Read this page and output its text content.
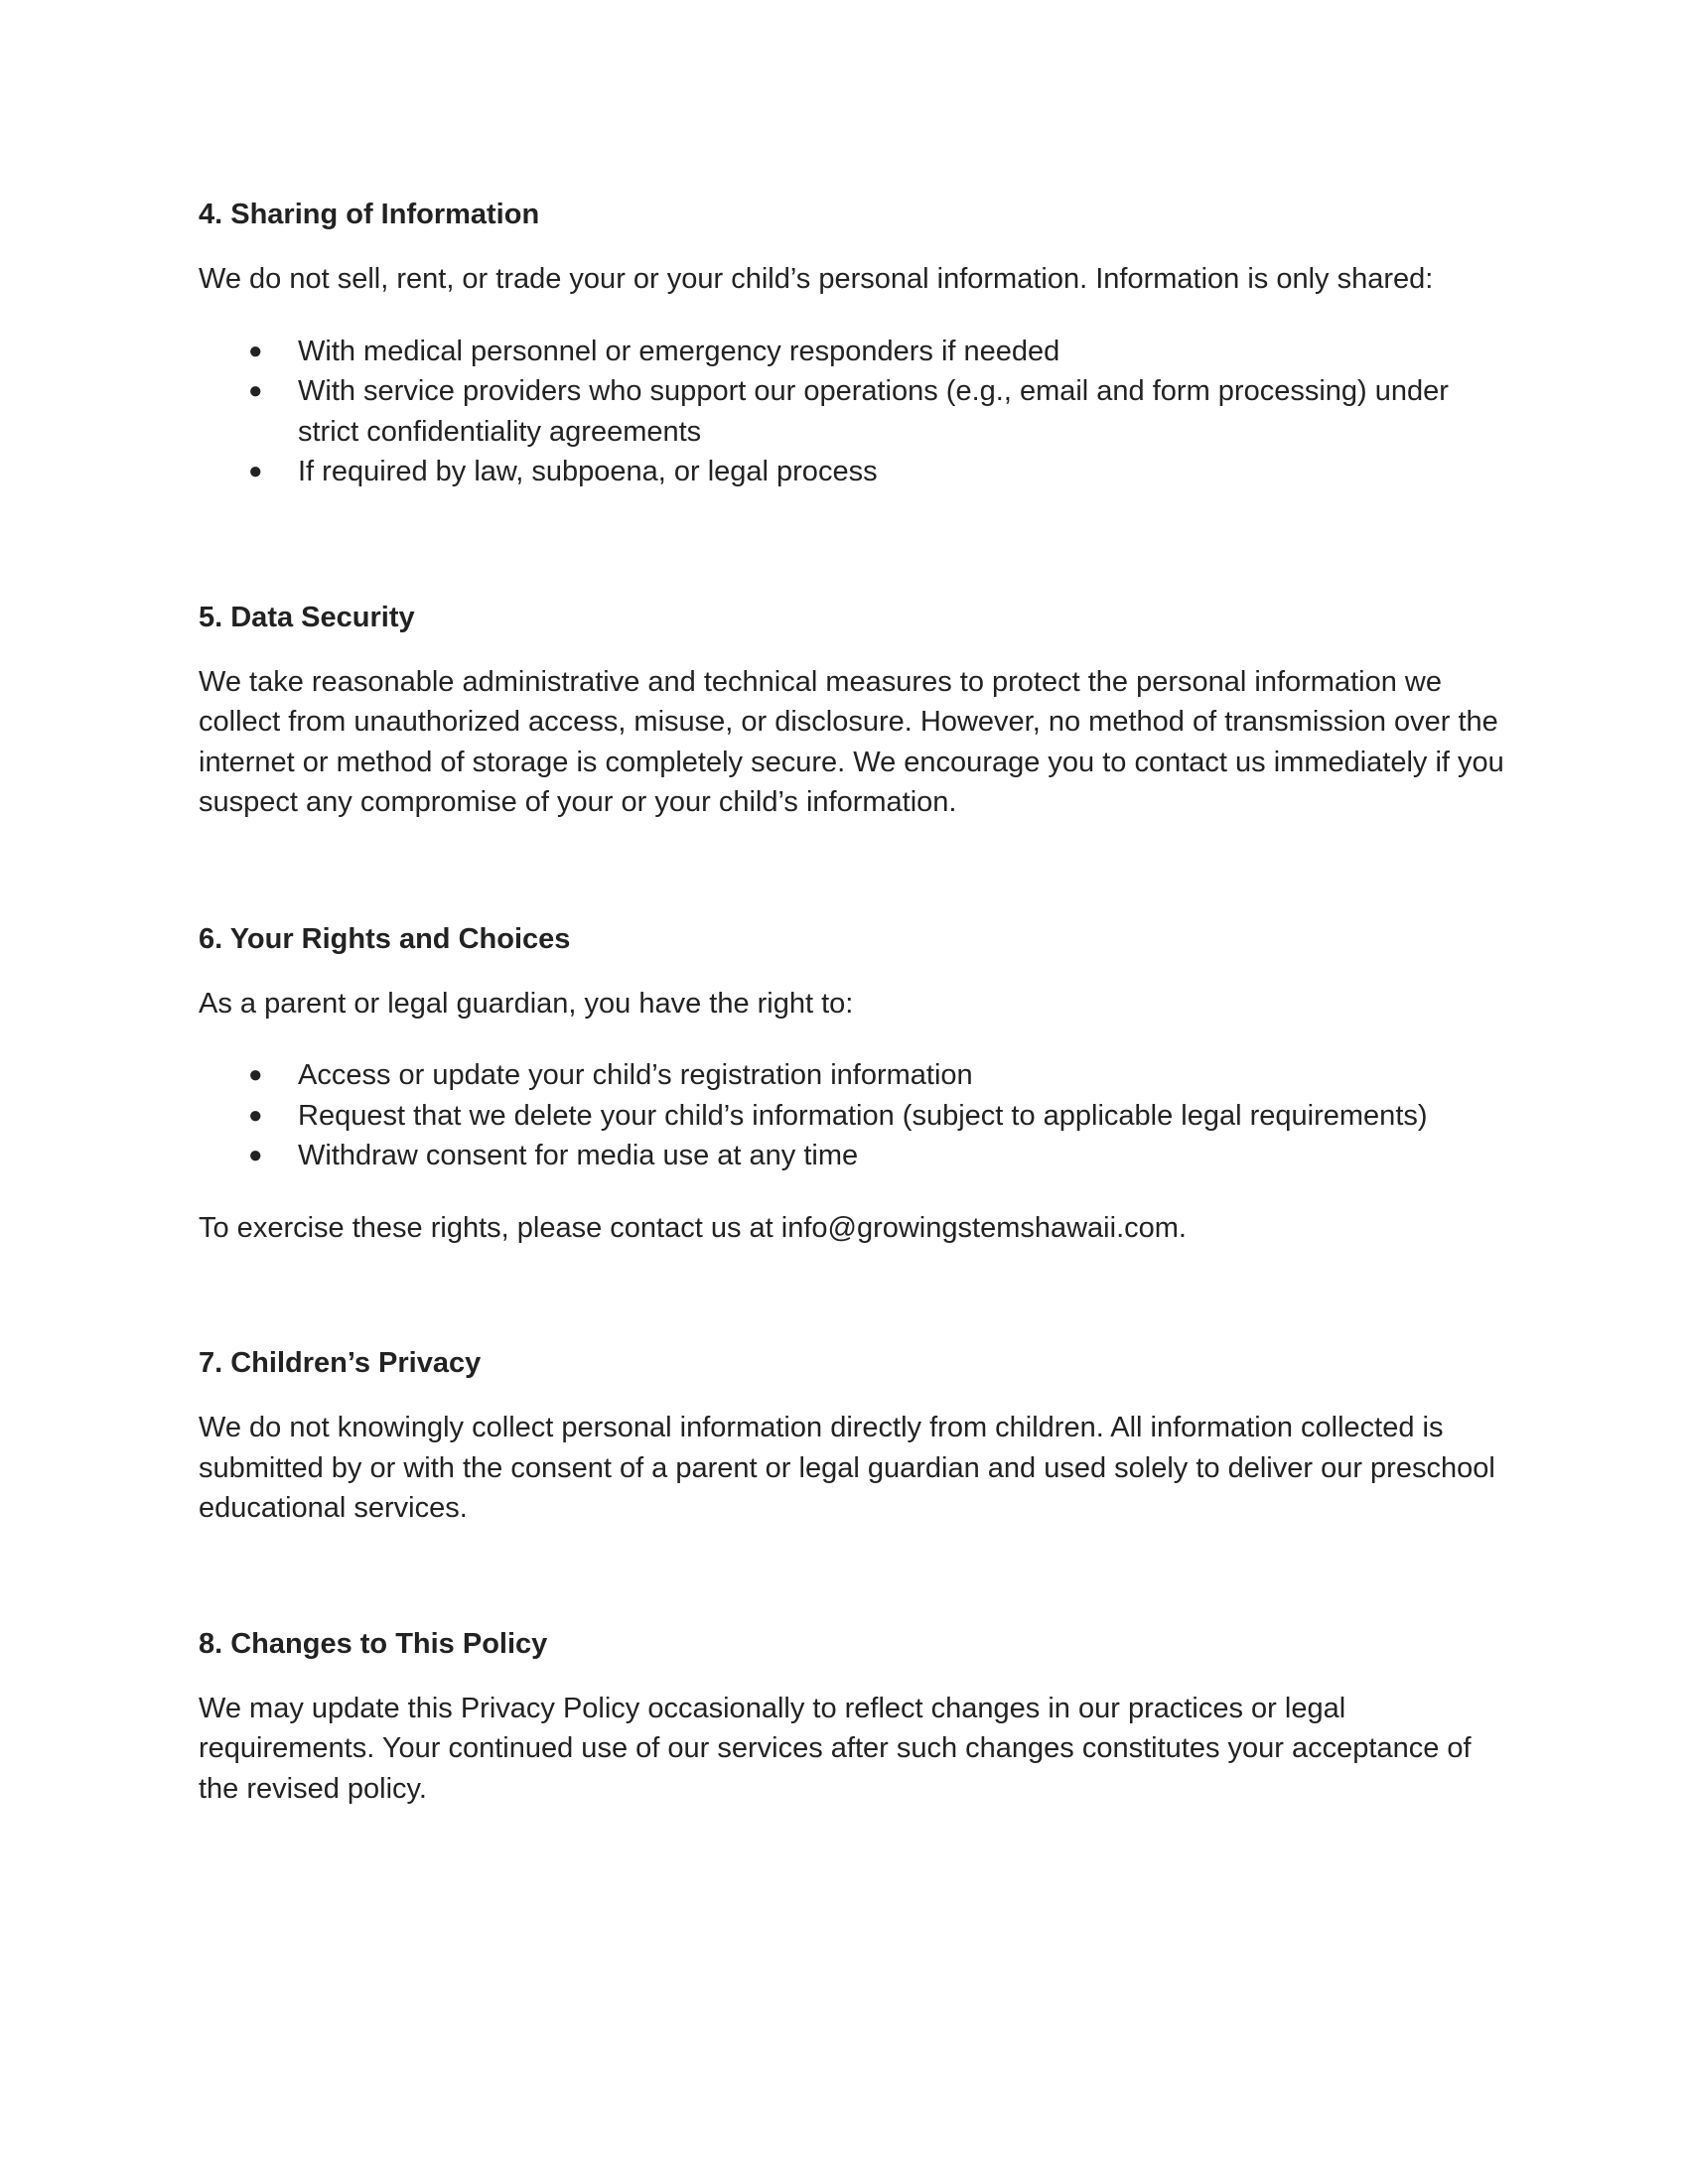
4. Sharing of Information

We do not sell, rent, or trade your or your child’s personal information. Information is only shared:

● With medical personnel or emergency responders if needed
● With service providers who support our operations (e.g., email and form processing) under strict confidentiality agreements
● If required by law, subpoena, or legal process
5. Data Security

We take reasonable administrative and technical measures to protect the personal information we collect from unauthorized access, misuse, or disclosure. However, no method of transmission over the internet or method of storage is completely secure. We encourage you to contact us immediately if you suspect any compromise of your or your child’s information.

6. Your Rights and Choices

As a parent or legal guardian, you have the right to:

● Access or update your child’s registration information
● Request that we delete your child’s information (subject to applicable legal requirements)
● Withdraw consent for media use at any time

To exercise these rights, please contact us at info@growingstemshawaii.com.

7. Children’s Privacy

We do not knowingly collect personal information directly from children. All information collected is submitted by or with the consent of a parent or legal guardian and used solely to deliver our preschool educational services.

8. Changes to This Policy

We may update this Privacy Policy occasionally to reflect changes in our practices or legal requirements. Your continued use of our services after such changes constitutes your acceptance of the revised policy.
